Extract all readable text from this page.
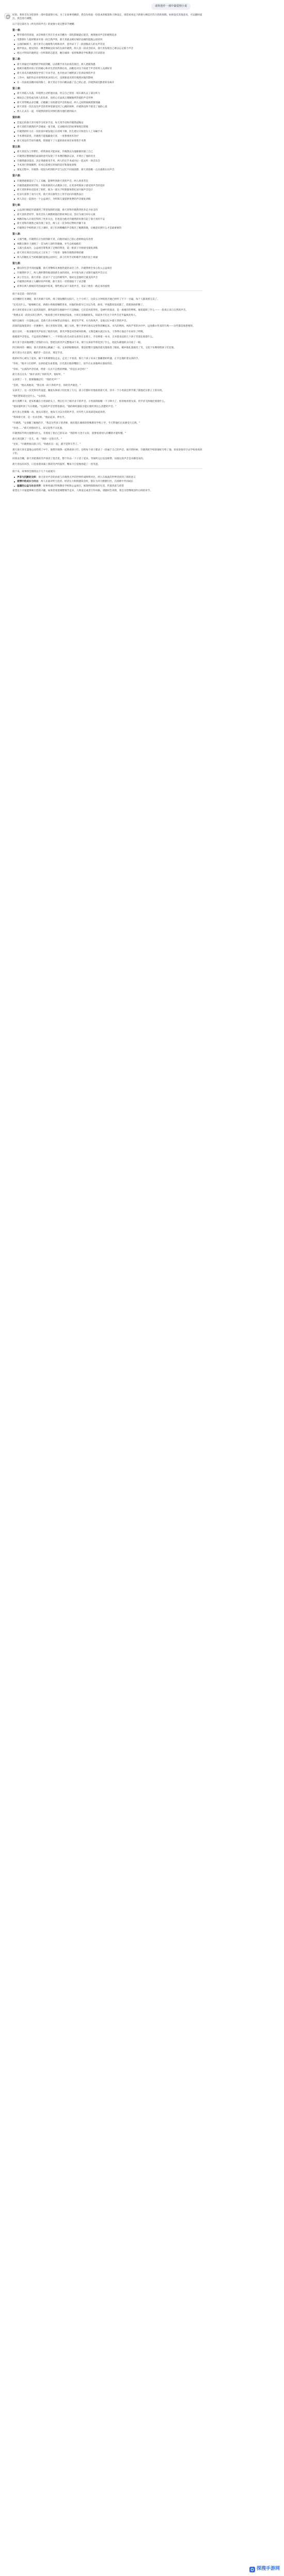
请你创作一部中篇爱情小说
好的。我将首先为您创作一部中篇爱情小说。为了让故事更精彩，我会先构思一份基本的框架和人物设定，请您看看以下新情大纲是否符合您的预期。如果没有其他意见，可以随时提出，我会进行调整。
以下是这部名为《听见你的声音》的爱情小说完整章节梗概：
第一章：
繁华都市的清晨，录音师俞天青在专业录音棚为一部电影做最后混音，展现他对声音的极致追求
电影制片人临时要求对某一段自然声效，俞天青就去相应城市边缘的湿地公园采风
公园的树荫下，俞天青专心地收集鸟鸣和风声，意外录下了一段清脆动人的女声笑语
循声找去，他见到在一棵老柳树边读书的女孩许晓然，两人因一段录音结识，俞天青发现自己难以忘记那个声音
他这才得知许晓然是一位听障的志愿者，她在城郊一家特殊教育学校教孩子们读唇语
第二章：
俞天青通过许晓然的学校找到她，以请教手语为由再次接近，两人逐渐熟悉
他被许晓然对孩子们的耐心和对生活的热情打动，而她也对这个执着于声音的男人充满好奇
俞天青从许晓然那里学到了许多手语，也开始录下她给孩子们讲故事的声音
工作中，他的作品开始得到更多的认可，也逐渐意识到许晓然对他的影响
在一次雨夜送她回家的路上，俞天青忍不住向她表露了自己的心意，许晓然却沉默着转身离开
第三章：
俞天青陷入失落，许晓然主动约他见面，坦言自己曾因一场车祸失去了部分听力
她说自己害怕成为别人的负担，也担心无法真正理解他所热爱的声音世界
俞天青带她去录音棚，让她戴上耳机感受声音的振动，两人之间的隔阂逐渐消融
俞天青第一次在没有声音的世界里感受到了心跳的频率，许晓然也终于接受了他的心意
两人正式在一起，许晓然的朋友同事们都为他们感到高兴
第四章：
恋爱后的俞天青开始学习更多手语，每天用手语和许晓然道晚安
俞天青把许晓然的声音做成一张专辑，记录她讲过的故事和唱过的歌
许晓然的听力在一次检查中被发现正在持续下降，医生建议尽快进行人工耳蜗手术
手术费用昂贵，许晓然不愿拖累俞天青，一度想要放弃治疗
俞天青没有告诉许晓然，悄悄接下了大量的商业项目来筹集手术费
第五章：
俞天青因为工作繁忙，经常深夜才能回家，许晓然以为他渐渐厌倦了自己
许晓然在整理他的桌面时意外发现了手术费的缴款记录，才明白了他的付出
许晓然感动落泪，决定勇敢接受手术，两人约定手术成功后一起去听一场音乐会
手术进行得很顺利，但术后需要长时间的适应和康复训练
康复过程中，许晓然一度因为听到的声音与记忆不同而崩溃，俞天青陪她一点点重新认识声音
第六章：
许晓然逐渐适应了人工耳蜗，能够听到俞天青的声音，两人欣喜若狂
许晓然重新回到学校，开始用新的方式教孩子们，让更多听障孩子感受到声音的美好
俞天青的事业也迎来了转折，他为一部关于听障群体的纪录片做声音设计
纪录片获得了业内大奖，俞天青在颁奖台上用手语向许晓然表白
两人决定一起创办一个公益项目，为听障儿童提供免费的声音康复训练
第七章：
公益项目刚起步就遇到了资金短缺的问题，俞天青和许晓然四处奔走寻求支持
俞天青的老同学、知名音乐人林默被他们的故事打动，答应为项目举办义演
林默的加入让项目得到了更多关注，但也因为他对许晓然的好感引起了俞天青的不安
俞天青和许晓然之间出现了误会，两人在一次争吵后暂时冷静下来
许晓然在学校给孩子们上课时，孩子们用稚嫩的声音唱出了她教的歌，让她意识到什么才是最重要的
第八章：
义演当晚，许晓然在后台找到俞天青，向他坦诚自己的心意始终没有改变
林默在舞台上演唱了一首为两人创作的歌曲，并当众祝福他们
义演大获成功，公益项目筹集到了足够的资金，第一批孩子开始接受康复训练
俞天青在项目启动仪式上宣布了一个惊喜：他和许晓然即将结婚
两人的婚礼在当初相遇的湿地公园举行，孩子们用手语和歌声为他们送上祝福
第九章：
婚后的生活平淡而温馨，俞天青继续从事他热爱的录音工作，许晓然则全身心投入公益项目
许晓然怀孕了，两人满怀期待地迎接新生命的到来，并开始为孩子录制专属的声音日记
孩子出生后，俞天青第一次录下了宝宝的啼哭声，他说这是他听过最美的声音
许晓然在哄孩子入睡时轻声哼唱，俞天青在一旁悄悄按下了录音键
故事在两人相视而笑的画面中结束，那些被记录下来的声音，见证了他们一路走来的爱情
接下来是第一章的内容：
录音棚的灯光调暗，俞天青摘下耳机，揉了揉发酸的太阳穴。七个小时了，这段五分钟的混音他已经听了不下一百遍，每个人都说很完美了。
"还差点什么。"他喃喃自语，助理小周端着咖啡进来，对他的执着早已习以为常。俞哥，导演都说没问题了，您就别再折腾了。
俞天青盯着显示屏上起伏的波形，那些波形在他眼中不只是数据，它们是风的形状，是树叶的低语，是一座城市的呼吸。他知道缺了什么——一段真正来自自然的声音。
"我要去采一段真实的自然声。"他说着已经开始收拾设备，小周无奈地摇摇头，知道劝不住这个对声音近乎偏执的男人。
城市边缘有一片湿地公园，是俞天青小时候常去的地方。那里有芦苇、水鸟和风声，是他记忆中最干净的声音。
清晨的湿地笼罩在一层薄雾中，俞天青架好话筒，戴上耳机，整个世界在他耳边变得清晰起来。水鸟的鸣叫、风吹芦苇的沙沙声、远处偶尔传来的鸟鸣——这些都是他想要的。
就在这时，一阵清脆的笑声钻进了他的耳机，那笑声像是风铃被风吹响，又像是溪水流过石头，干净得让他忍不住屏住了呼吸。
他循着声音望去，不远处的老柳树下，一个穿着白色毛衣的女孩坐在长椅上，手里捧着一本书，正对着身边的几个孩子笑着比划着什么。
俞天青下意识地调整了话筒的方向，想把这段笑声完整地录下来。那个女孩似乎察觉到了什么，抬起头朝他的方向看了一眼。
四目相对的一瞬间，俞天青感到心跳漏了一拍。女孩的眼睛很亮，像是把整片湿地的晨光都收进了眼底。她冲他礼貌地笑了笑，又低下头继续给孩子们比划。
俞天青这才注意到，她的手一直在动，那是手语。
他的好奇心被勾了起来，摘下耳机朝那边走去。走近了才看清，那几个孩子耳朵上都戴着助听器，正专注地盯着女孩的手。
"你好。"他开口打招呼，女孩抬起头看着他，目光落在他的嘴唇上，似乎在认真地辨认他说的话。
"你好。"女孩的声音轻柔，带着一点点不自然的停顿。"你是在录音吗？"
俞天青点点头："刚才录到了你的笑声，很好听。"
女孩愣了一下，脸颊微微泛红："我的笑声？"
"是的，"他认真地说，"我在找一段干净的声音，你的笑声就是。"
女孩笑了，这一次笑得有些羞涩。她低头和孩子们比划了几句，孩子们都好奇地看着俞天青，其中一个小男孩还伸手摸了摸他挂在脖子上的耳机。
"他们想知道这是什么。"女孩说。
俞天青蹲下来，把耳机戴在小男孩的头上，然后打开了刚才录下的声音。小男孩的眼睛一下子睁大了，惊喜地看着女孩，用手语飞快地比划着什么。
"他说他听到了鸟在唱歌。"女孩的声音里带着感动，"他的助听器很少能让他听到这么清楚的声音。"
俞天青心里微微一动。他从未想过，他每天习以为常的声音，对有些人来说却是如此珍贵。
"我叫俞天青，是一名录音师。"他站起来，伸出手。
"许晓然。"女孩握了握他的手，"我是这些孩子的老师，他们都在城郊的特殊教育学校上学，今天带他们出来感受大自然。"
"你也……"俞天青想问什么，却又觉得不太礼貌。
许晓然似乎明白他想问什么，笑着指了指自己的耳朵："我的听力也不太好，需要看着别人的嘴唇才能听懂。"
俞天青沉默了一会儿，说："那你一定很辛苦。"
"还好，"许晓然看向孩子们，"和他们在一起，就不觉得辛苦了。"
那天俞天青在湿地公园待到了中午，他帮许晓然一起照看孩子们，还给每个孩子都录了一段属于自己的声音。离开的时候，许晓然把学校的地址写给了他，说欢迎他有空去学校看看孩子们。
回到录音棚，俞天青把那段笑声放进了混音里，整个作品一下子活了起来。导演听完后连连称赞，问他这段声音是从哪里来的。
俞天青没有回答，只是看着屏幕上那段笑声的波形，嘴角不自觉地扬起了一丝笑意。
接下来，故事将会围绕以下几个方面展开：
声音与沉默的交织：俞天青对声音的执着与许晓然无声的世界形成鲜明对比，两人在彼此的世界里找到了新的意义
爱情中的成长与付出：两人在面对听力危机、经济压力和情感误会时，都在为对方默默付出，在困难中共同成长
温暖的公益与社会关怀：故事将通过特殊教育学校和公益项目，展现听障群体的生活，传递善意与希望
希望这个开篇能够吸引您的兴趣，如果您希望调整情节走向、人物设定或者写作风格，请随时告诉我，我会为您继续创作后续的章节。
探搜手游网
